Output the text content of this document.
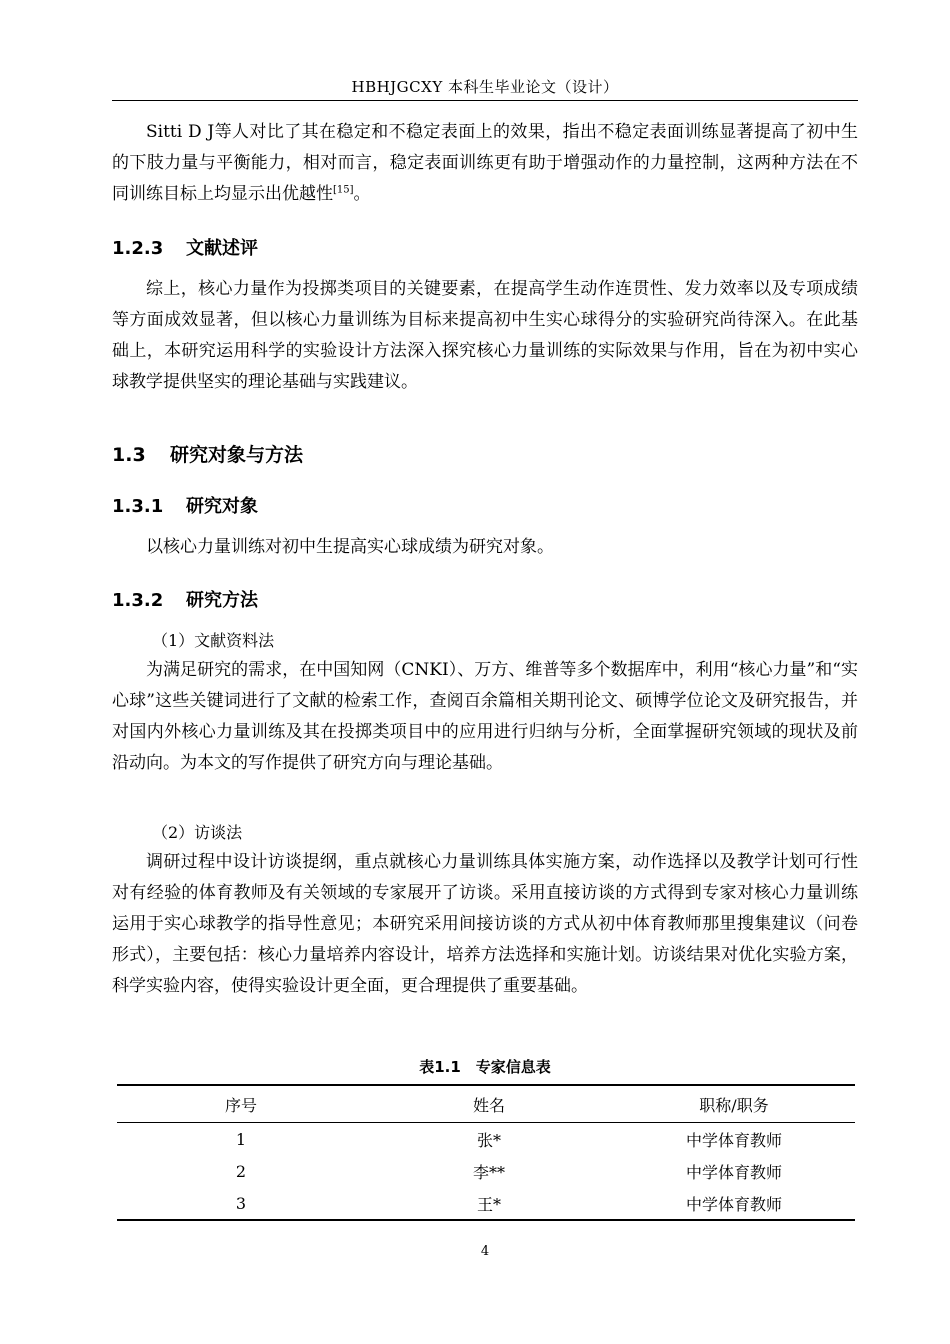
HBHJGCXY 本科生毕业论文（设计）

Sitti D J等人对比了其在稳定和不稳定表面上的效果，指出不稳定表面训练显著提高了初中生的下肢力量与平衡能力，相对而言，稳定表面训练更有助于增强动作的力量控制，这两种方法在不同训练目标上均显示出优越性[15]。

1.2.3 文献述评

综上，核心力量作为投掷类项目的关键要素，在提高学生动作连贯性、发力效率以及专项成绩等方面成效显著，但以核心力量训练为目标来提高初中生实心球得分的实验研究尚待深入。在此基础上，本研究运用科学的实验设计方法深入探究核心力量训练的实际效果与作用，旨在为初中实心球教学提供坚实的理论基础与实践建议。

1.3 研究对象与方法
1.3.1 研究对象

以核心力量训练对初中生提高实心球成绩为研究对象。

1.3.2 研究方法

（1）文献资料法

为满足研究的需求，在中国知网（CNKI）、万方、维普等多个数据库中，利用“核心力量”和“实心球”这些关键词进行了文献的检索工作，查阅百余篇相关期刊论文、硕博学位论文及研究报告，并对国内外核心力量训练及其在投掷类项目中的应用进行归纳与分析，全面掌握研究领域的现状及前沿动向。为本文的写作提供了研究方向与理论基础。

（2）访谈法

调研过程中设计访谈提纲，重点就核心力量训练具体实施方案，动作选择以及教学计划可行性对有经验的体育教师及有关领域的专家展开了访谈。采用直接访谈的方式得到专家对核心力量训练运用于实心球教学的指导性意见；本研究采用间接访谈的方式从初中体育教师那里搜集建议（问卷形式），主要包括：核心力量培养内容设计，培养方法选择和实施计划。访谈结果对优化实验方案，科学实验内容，使得实验设计更全面，更合理提供了重要基础。

表1.1　专家信息表
序号	姓名	职称/职务
1	张*	中学体育教师
2	李**	中学体育教师
3	王*	中学体育教师
4
